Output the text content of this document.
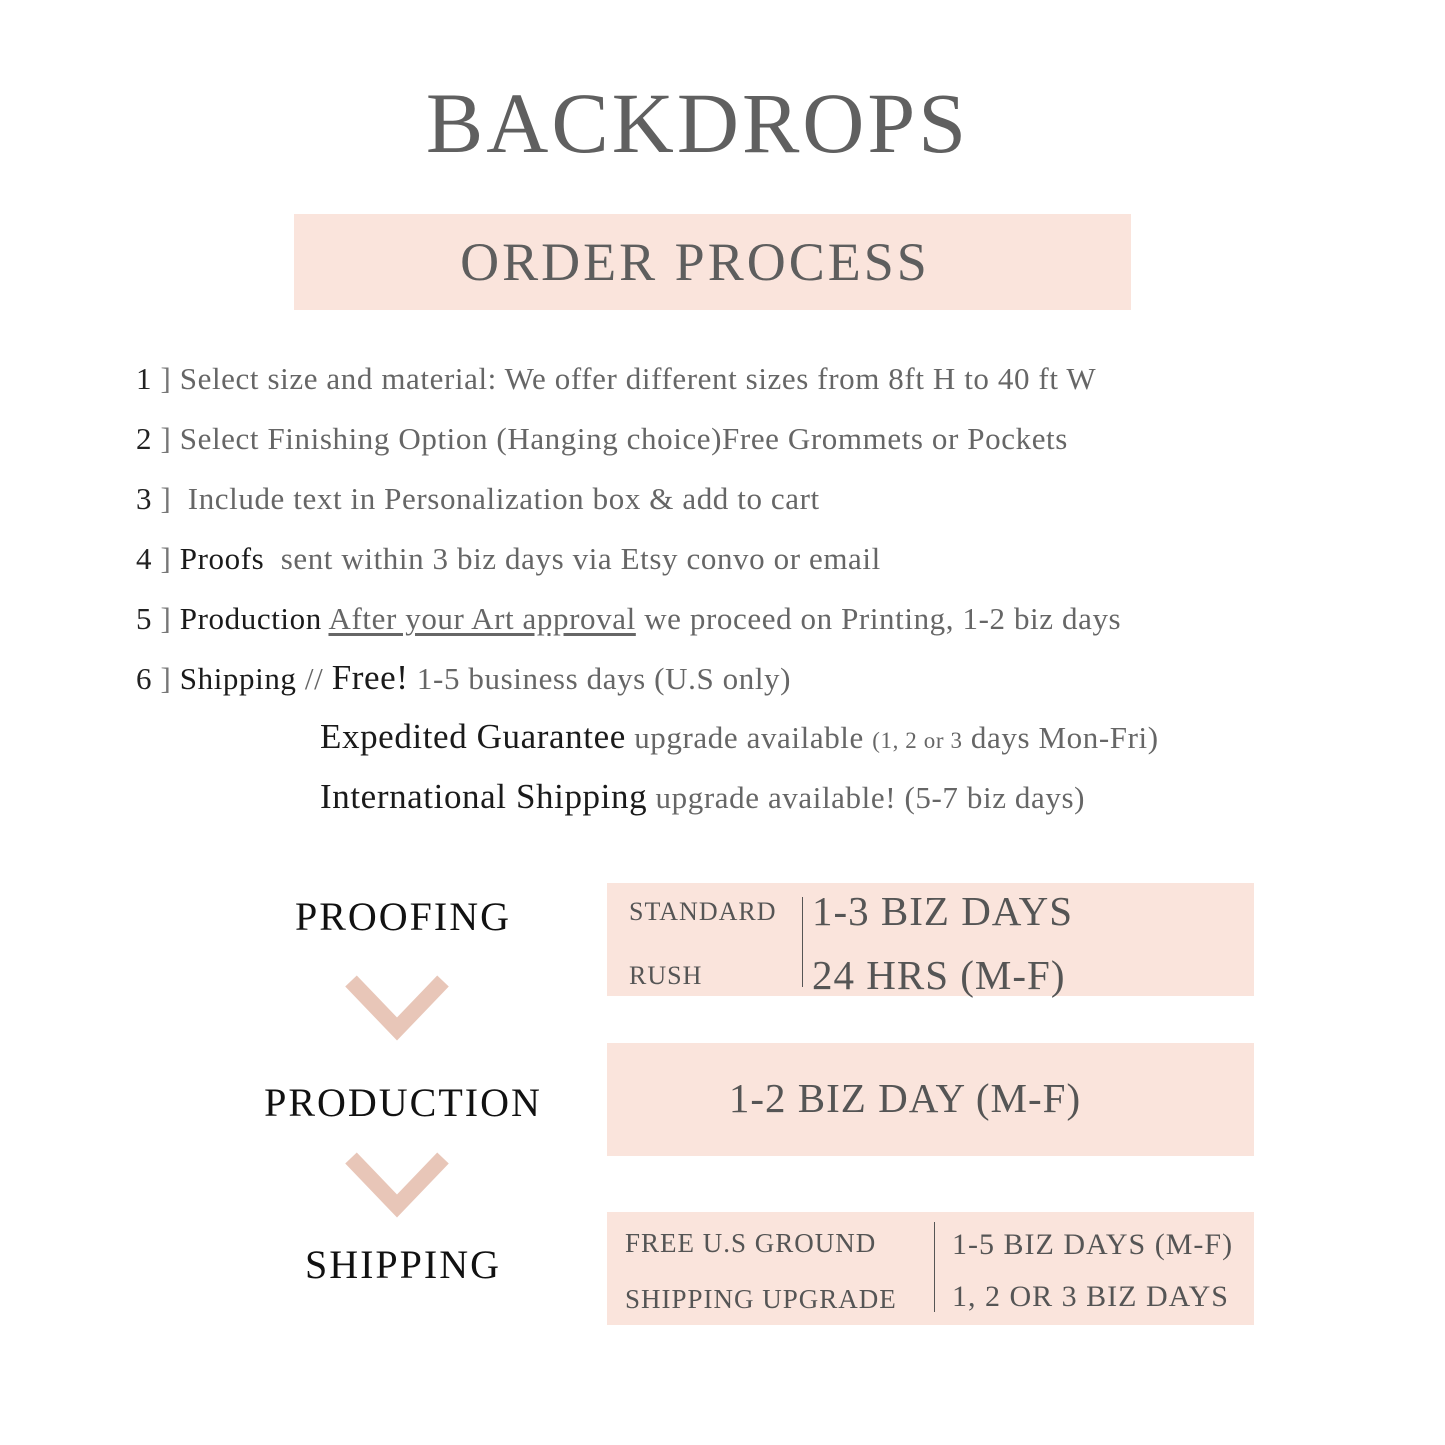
BACKDROPS
ORDER PROCESS
1 ] Select size and material: We offer different sizes from 8ft H to 40 ft W
2 ] Select Finishing Option (Hanging choice)Free Grommets or Pockets
3 ] Include text in Personalization box & add to cart
4 ] Proofs sent within 3 biz days via Etsy convo or email
5 ] Production After your Art approval we proceed on Printing, 1-2 biz days
6 ] Shipping // Free! 1-5 business days (U.S only)
Expedited Guarantee upgrade available (1, 2 or 3 days Mon-Fri)
International Shipping upgrade available! (5-7 biz days)
PROOFING
PRODUCTION
SHIPPING
STANDARD
RUSH
1-3 BIZ DAYS
24 HRS (M-F)
1-2 BIZ DAY (M-F)
FREE U.S GROUND
SHIPPING UPGRADE
1-5 BIZ DAYS (M-F)
1, 2 OR 3 BIZ DAYS
